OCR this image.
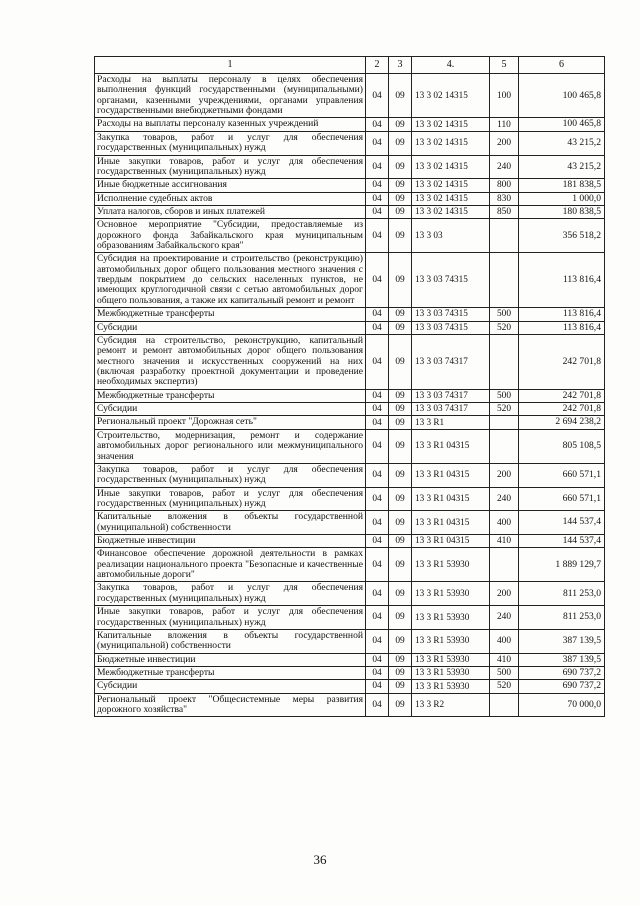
1	2	3	4.	5	6
Расходы на выплаты персоналу в целях обеспечения выполнения функций государственными (муниципальными) органами, казенными учреждениями, органами управления государственными внебюджетными фондами	04	09	13 3 02 14315	100	100 465,8
Расходы на выплаты персоналу казенных учреждений	04	09	13 3 02 14315	110	100 465,8
Закупка товаров, работ и услуг для обеспечения государственных (муниципальных) нужд	04	09	13 3 02 14315	200	43 215,2
Иные закупки товаров, работ и услуг для обеспечения государственных (муниципальных) нужд	04	09	13 3 02 14315	240	43 215,2
Иные бюджетные ассигнования	04	09	13 3 02 14315	800	181 838,5
Исполнение судебных актов	04	09	13 3 02 14315	830	1 000,0
Уплата налогов, сборов и иных платежей	04	09	13 3 02 14315	850	180 838,5
Основное мероприятие "Субсидии, предоставляемые из дорожного фонда Забайкальского края муниципальным образованиям Забайкальского края"	04	09	13 3 03		356 518,2
Субсидия на проектирование и строительство (реконструкцию) автомобильных дорог общего пользования местного значения с твердым покрытием до сельских населенных пунктов, не имеющих круглогодичной связи с сетью автомобильных дорог общего пользования, а также их капитальный ремонт и ремонт	04	09	13 3 03 74315		113 816,4
Межбюджетные трансферты	04	09	13 3 03 74315	500	113 816,4
Субсидии	04	09	13 3 03 74315	520	113 816,4
Субсидия на строительство, реконструкцию, капитальный ремонт и ремонт автомобильных дорог общего пользования местного значения и искусственных сооружений на них (включая разработку проектной документации и проведение необходимых экспертиз)	04	09	13 3 03 74317		242 701,8
Межбюджетные трансферты	04	09	13 3 03 74317	500	242 701,8
Субсидии	04	09	13 3 03 74317	520	242 701,8
Региональный проект "Дорожная сеть"	04	09	13 3 R1		2 694 238,2
Строительство, модернизация, ремонт и содержание автомобильных дорог регионального или межмуниципального значения	04	09	13 3 R1 04315		805 108,5
Закупка товаров, работ и услуг для обеспечения государственных (муниципальных) нужд	04	09	13 3 R1 04315	200	660 571,1
Иные закупки товаров, работ и услуг для обеспечения государственных (муниципальных) нужд	04	09	13 3 R1 04315	240	660 571,1
Капитальные вложения в объекты государственной (муниципальной) собственности	04	09	13 3 R1 04315	400	144 537,4
Бюджетные инвестиции	04	09	13 3 R1 04315	410	144 537,4
Финансовое обеспечение дорожной деятельности в рамках реализации национального проекта "Безопасные и качественные автомобильные дороги"	04	09	13 3 R1 53930		1 889 129,7
Закупка товаров, работ и услуг для обеспечения государственных (муниципальных) нужд	04	09	13 3 R1 53930	200	811 253,0
Иные закупки товаров, работ и услуг для обеспечения государственных (муниципальных) нужд	04	09	13 3 R1 53930	240	811 253,0
Капитальные вложения в объекты государственной (муниципальной) собственности	04	09	13 3 R1 53930	400	387 139,5
Бюджетные инвестиции	04	09	13 3 R1 53930	410	387 139,5
Межбюджетные трансферты	04	09	13 3 R1 53930	500	690 737,2
Субсидии	04	09	13 3 R1 53930	520	690 737,2
Региональный проект "Общесистемные меры развития дорожного хозяйства"	04	09	13 3 R2		70 000,0
36
